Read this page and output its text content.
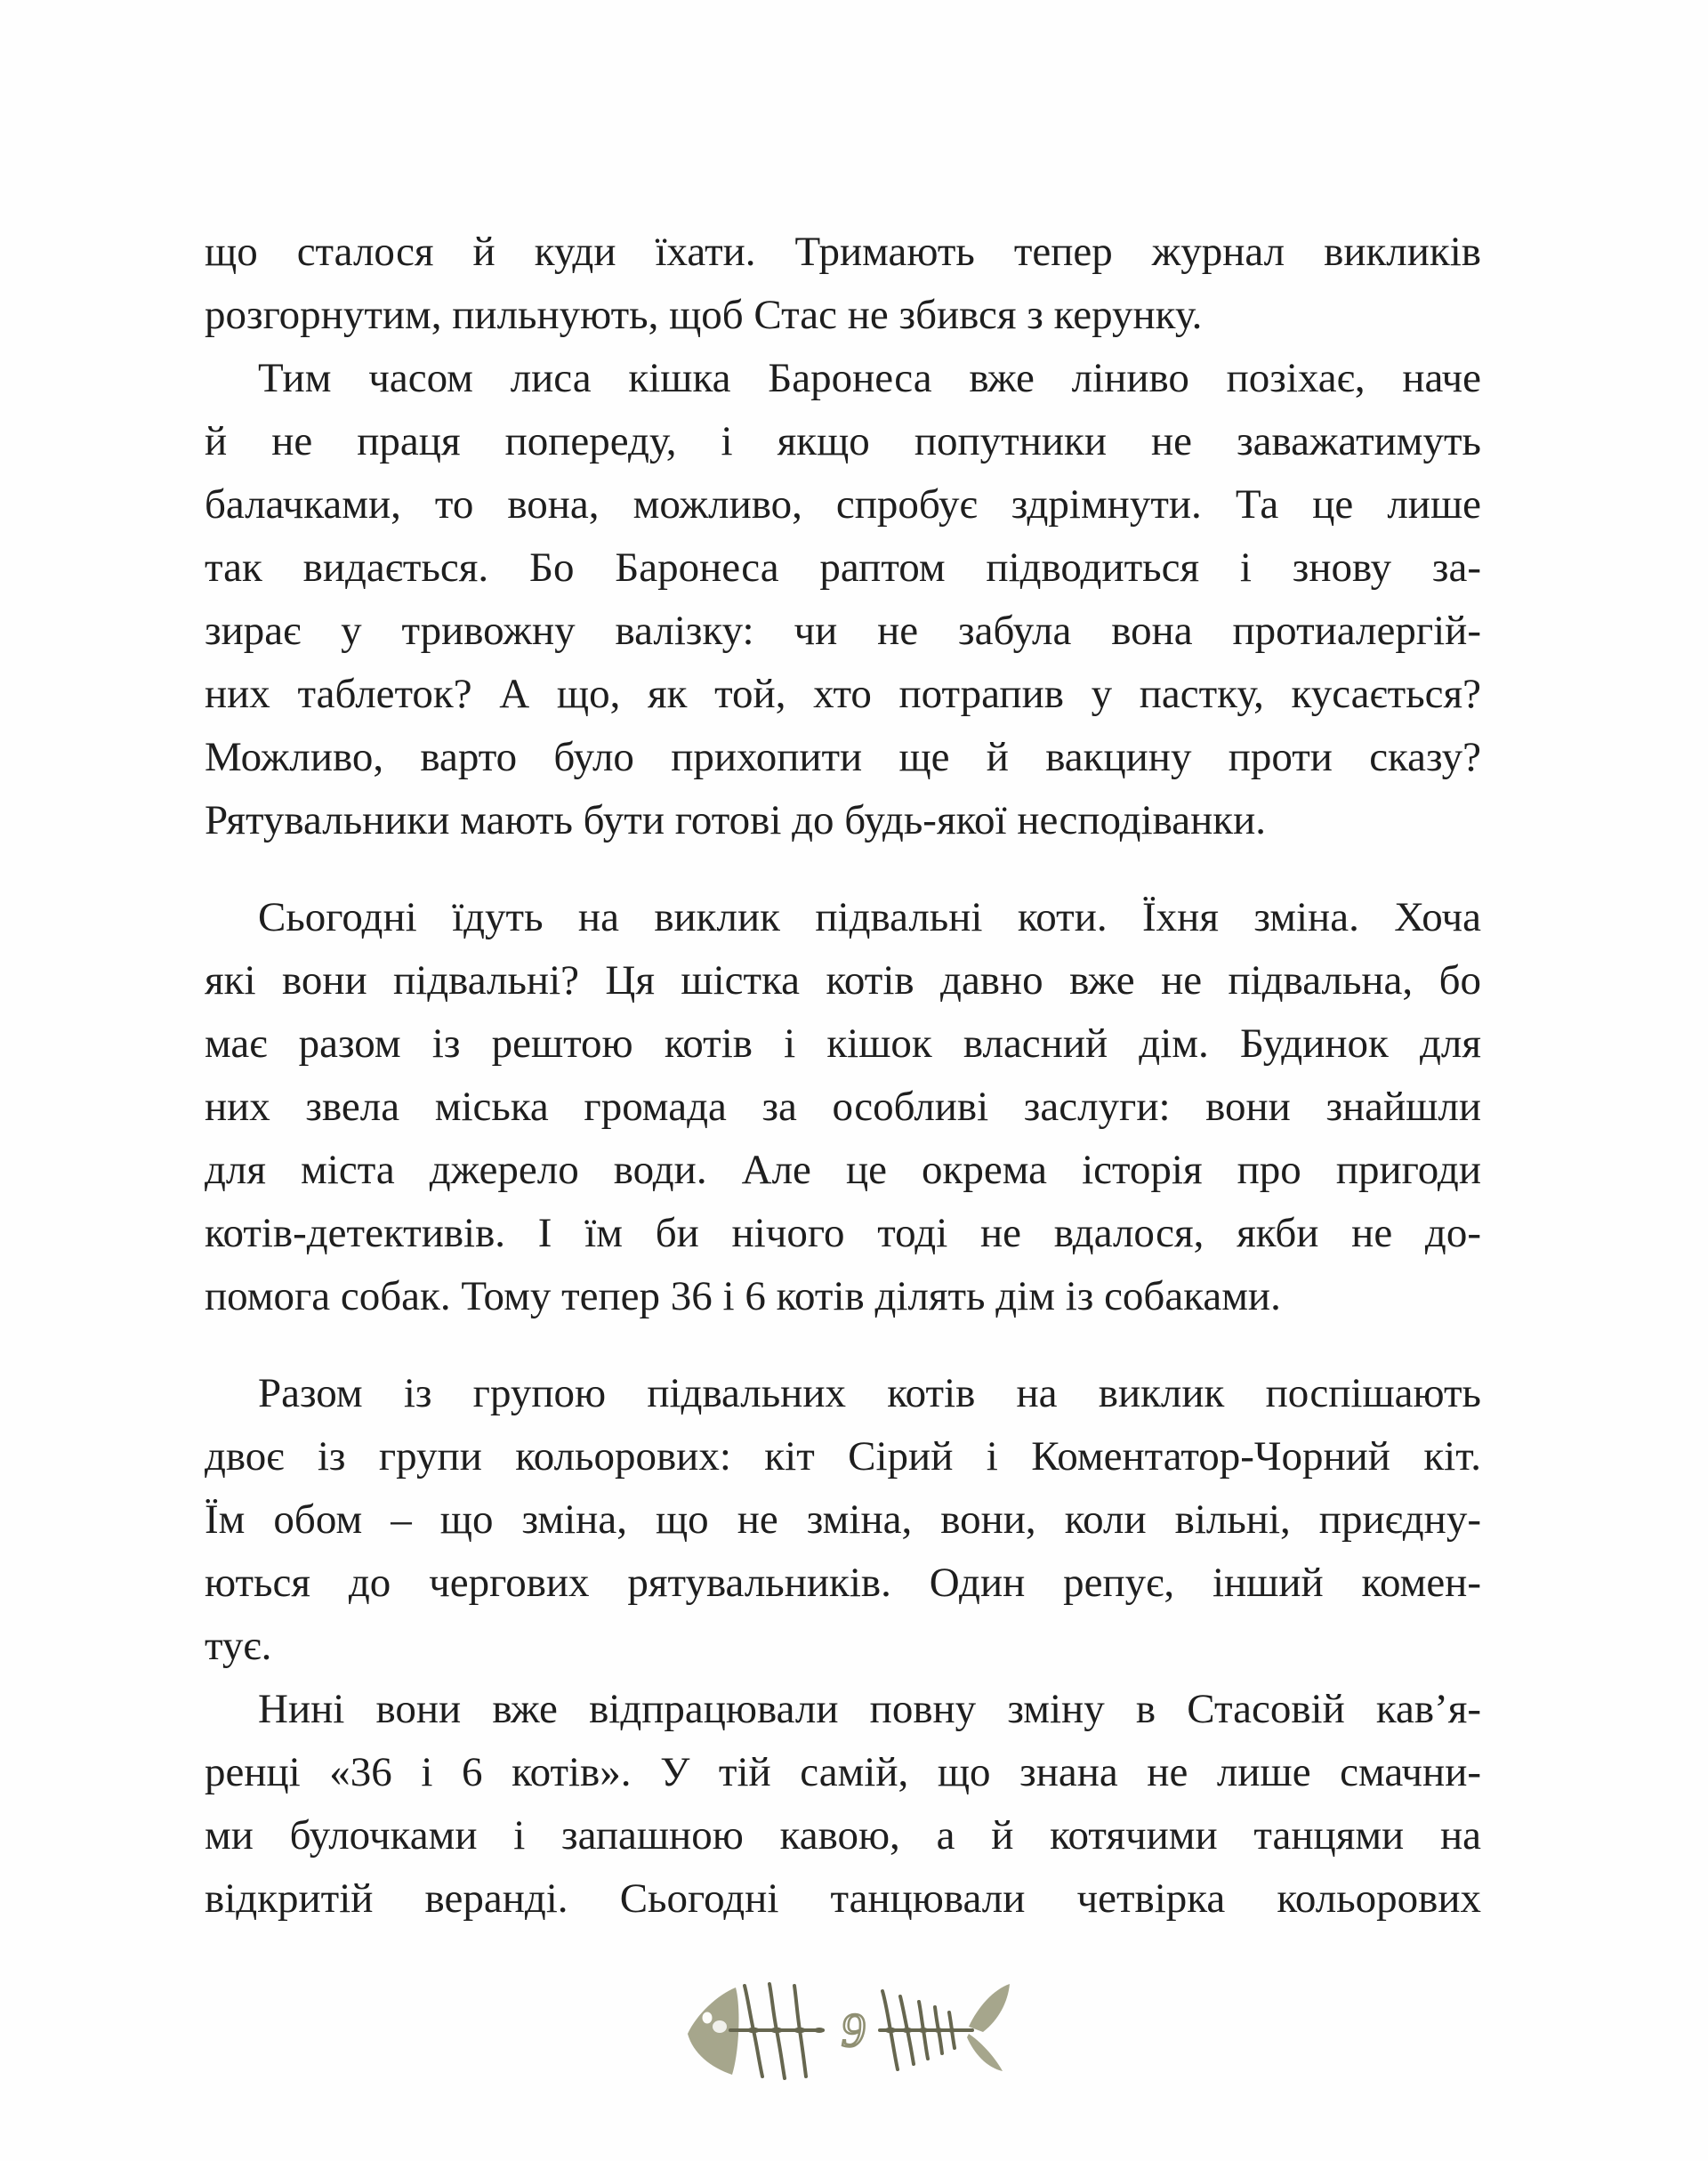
що сталося й куди їхати. Тримають тепер журнал викликів
розгорнутим, пильнують, щоб Стас не збився з керунку.
Тим часом лиса кішка Баронеса вже ліниво позіхає, наче
й не праця попереду, і якщо попутники не заважатимуть
балачками, то вона, можливо, спробує здрімнути. Та це лише
так видається. Бо Баронеса раптом підводиться і знову за-
зирає у тривожну валізку: чи не забула вона протиалергій-
них таблеток? А що, як той, хто потрапив у пастку, кусається?
Можливо, варто було прихопити ще й вакцину проти сказу?
Рятувальники мають бути готові до будь-якої несподіванки.
Сьогодні їдуть на виклик підвальні коти. Їхня зміна. Хоча
які вони підвальні? Ця шістка котів давно вже не підвальна, бо
має разом із рештою котів і кішок власний дім. Будинок для
них звела міська громада за особливі заслуги: вони знайшли
для міста джерело води. Але це окрема історія про пригоди
котів-детективів. І їм би нічого тоді не вдалося, якби не до-
помога собак. Тому тепер 36 і 6 котів ділять дім із собаками.
Разом із групою підвальних котів на виклик поспішають
двоє із групи кольорових: кіт Сірий і Коментатор-Чорний кіт.
Їм обом – що зміна, що не зміна, вони, коли вільні, приєдну-
ються до чергових рятувальників. Один репує, інший комен-
тує.
Нині вони вже відпрацювали повну зміну в Стасовій кав’я-
ренці «36 і 6 котів». У тій самій, що знана не лише смачни-
ми булочками і запашною кавою, а й котячими танцями на
відкритій веранді. Сьогодні танцювали четвірка кольорових
9
